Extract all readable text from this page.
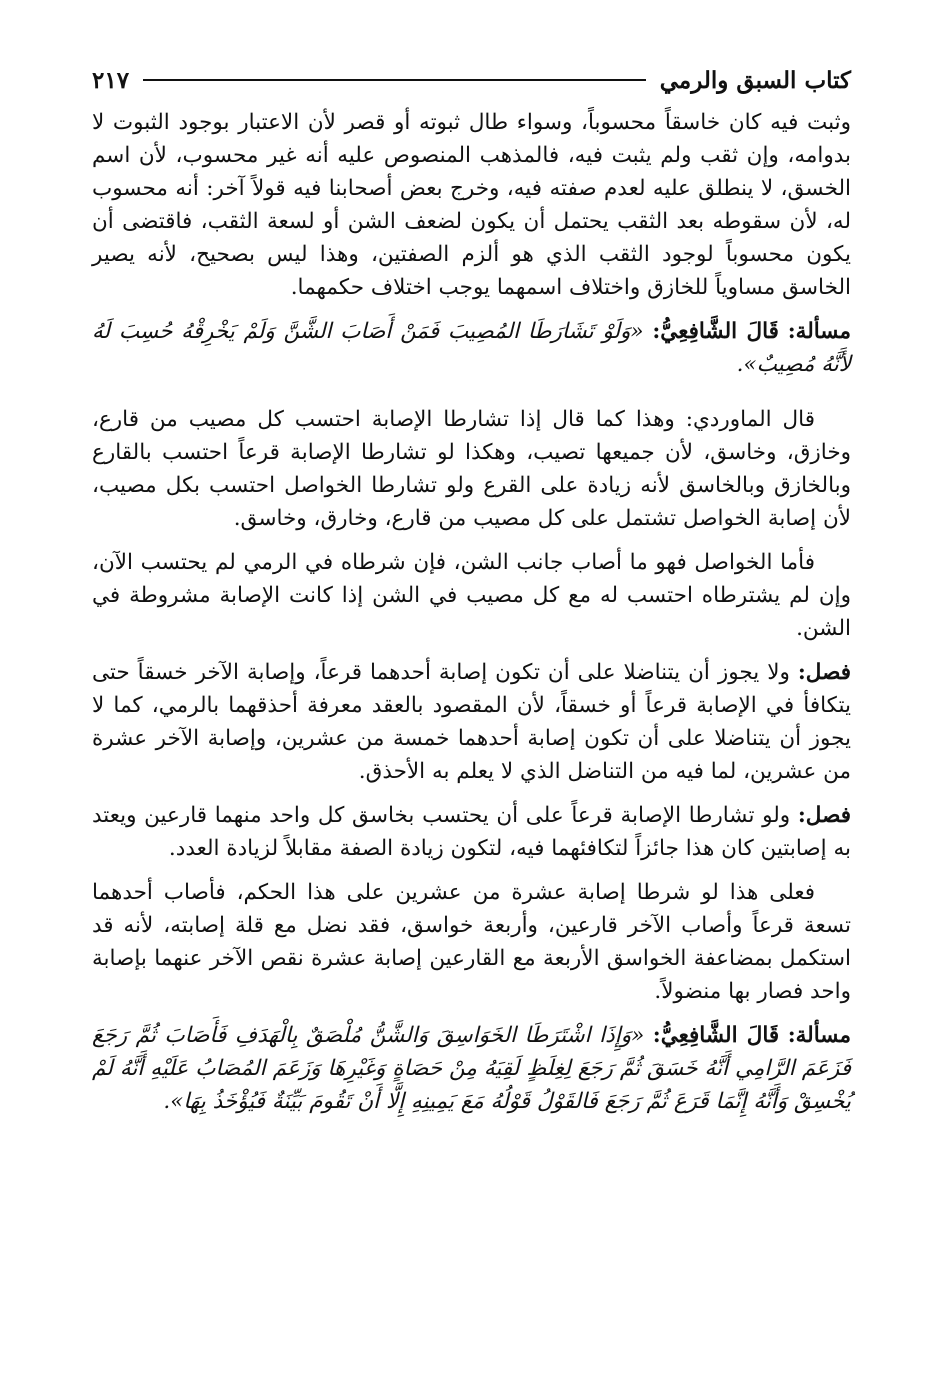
كتاب السبق والرمي
٢١٧

وثبت فيه كان خاسقاً محسوباً، وسواء طال ثبوته أو قصر لأن الاعتبار بوجود الثبوت لا بدوامه، وإن ثقب ولم يثبت فيه، فالمذهب المنصوص عليه أنه غير محسوب، لأن اسم الخسق، لا ينطلق عليه لعدم صفته فيه، وخرج بعض أصحابنا فيه قولاً آخر: أنه محسوب له، لأن سقوطه بعد الثقب يحتمل أن يكون لضعف الشن أو لسعة الثقب، فاقتضى أن يكون محسوباً لوجود الثقب الذي هو ألزم الصفتين، وهذا ليس بصحيح، لأنه يصير الخاسق مساوياً للخازق واختلاف اسمهما يوجب اختلاف حكمهما.

مسألة: قَالَ الشَّافِعِيُّ: «وَلَوْ تَشَارَطَا المُصِيبَ فَمَنْ أَصَابَ الشَّنَّ وَلَمْ يَخْرِقْهُ حُسِبَ لَهُ لأَنَّهُ مُصِيبٌ».

قال الماوردي: وهذا كما قال إذا تشارطا الإصابة احتسب كل مصيب من قارع، وخازق، وخاسق، لأن جميعها تصيب، وهكذا لو تشارطا الإصابة قرعاً احتسب بالقارع وبالخازق وبالخاسق لأنه زيادة على القرع ولو تشارطا الخواصل احتسب بكل مصيب، لأن إصابة الخواصل تشتمل على كل مصيب من قارع، وخارق، وخاسق.

فأما الخواصل فهو ما أصاب جانب الشن، فإن شرطاه في الرمي لم يحتسب الآن، وإن لم يشترطاه احتسب له مع كل مصيب في الشن إذا كانت الإصابة مشروطة في الشن.

فصل: ولا يجوز أن يتناضلا على أن تكون إصابة أحدهما قرعاً، وإصابة الآخر خسقاً حتى يتكافأ في الإصابة قرعاً أو خسقاً، لأن المقصود بالعقد معرفة أحذقهما بالرمي، كما لا يجوز أن يتناضلا على أن تكون إصابة أحدهما خمسة من عشرين، وإصابة الآخر عشرة من عشرين، لما فيه من التناضل الذي لا يعلم به الأحذق.

فصل: ولو تشارطا الإصابة قرعاً على أن يحتسب بخاسق كل واحد منهما قارعين ويعتد به إصابتين كان هذا جائزاً لتكافئهما فيه، لتكون زيادة الصفة مقابلاً لزيادة العدد.

فعلى هذا لو شرطا إصابة عشرة من عشرين على هذا الحكم، فأصاب أحدهما تسعة قرعاً وأصاب الآخر قارعين، وأربعة خواسق، فقد نضل مع قلة إصابته، لأنه قد استكمل بمضاعفة الخواسق الأربعة مع القارعين إصابة عشرة نقص الآخر عنهما بإصابة واحد فصار بها منضولاً.

مسألة: قَالَ الشَّافِعِيُّ: «وَإِذَا اشْتَرَطَا الخَوَاسِقَ وَالشَّنُّ مُلْصَقٌ بِالْهَدَفِ فَأَصَابَ ثُمَّ رَجَعَ فَزَعَمَ الرَّامِي أَنَّهُ خَسَقَ ثُمَّ رَجَعَ لِغِلَظٍ لَقِيَهُ مِنْ حَصَاةٍ وَغَيْرِهَا وَزَعَمَ المُصَابُ عَلَيْهِ أَنَّهُ لَمْ يُخْسِقْ وَأَنَّهُ إِنَّمَا قَرَعَ ثُمَّ رَجَعَ فَالقَوْلُ قَوْلُهُ مَعَ يَمِينِهِ إِلَّا أَنْ تَقُومَ بَيِّنَةٌ فَيُؤْخَذُ بِهَا».
